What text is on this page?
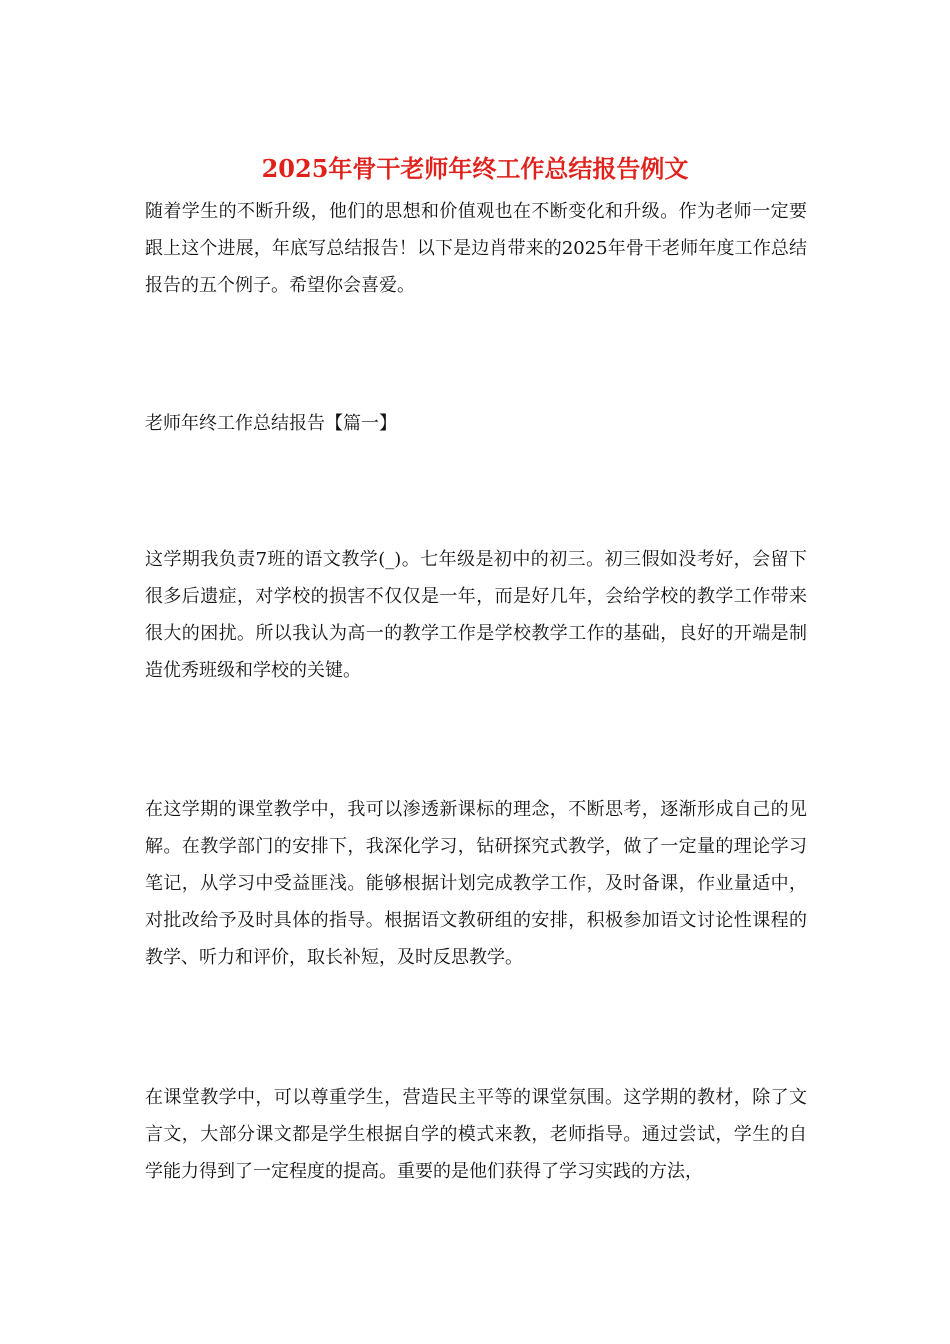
2025年骨干老师年终工作总结报告例文

随着学生的不断升级，他们的思想和价值观也在不断变化和升级。作为老师一定要跟上这个进展，年底写总结报告！以下是边肖带来的2025年骨干老师年度工作总结报告的五个例子。希望你会喜爱。

老师年终工作总结报告【篇一】

这学期我负责7班的语文教学(_)。七年级是初中的初三。初三假如没考好，会留下很多后遗症，对学校的损害不仅仅是一年，而是好几年，会给学校的教学工作带来很大的困扰。所以我认为高一的教学工作是学校教学工作的基础，良好的开端是制造优秀班级和学校的关键。

在这学期的课堂教学中，我可以渗透新课标的理念，不断思考，逐渐形成自己的见解。在教学部门的安排下，我深化学习，钻研探究式教学，做了一定量的理论学习笔记，从学习中受益匪浅。能够根据计划完成教学工作，及时备课，作业量适中，对批改给予及时具体的指导。根据语文教研组的安排，积极参加语文讨论性课程的教学、听力和评价，取长补短，及时反思教学。

在课堂教学中，可以尊重学生，营造民主平等的课堂氛围。这学期的教材，除了文言文，大部分课文都是学生根据自学的模式来教，老师指导。通过尝试，学生的自学能力得到了一定程度的提高。重要的是他们获得了学习实践的方法，
